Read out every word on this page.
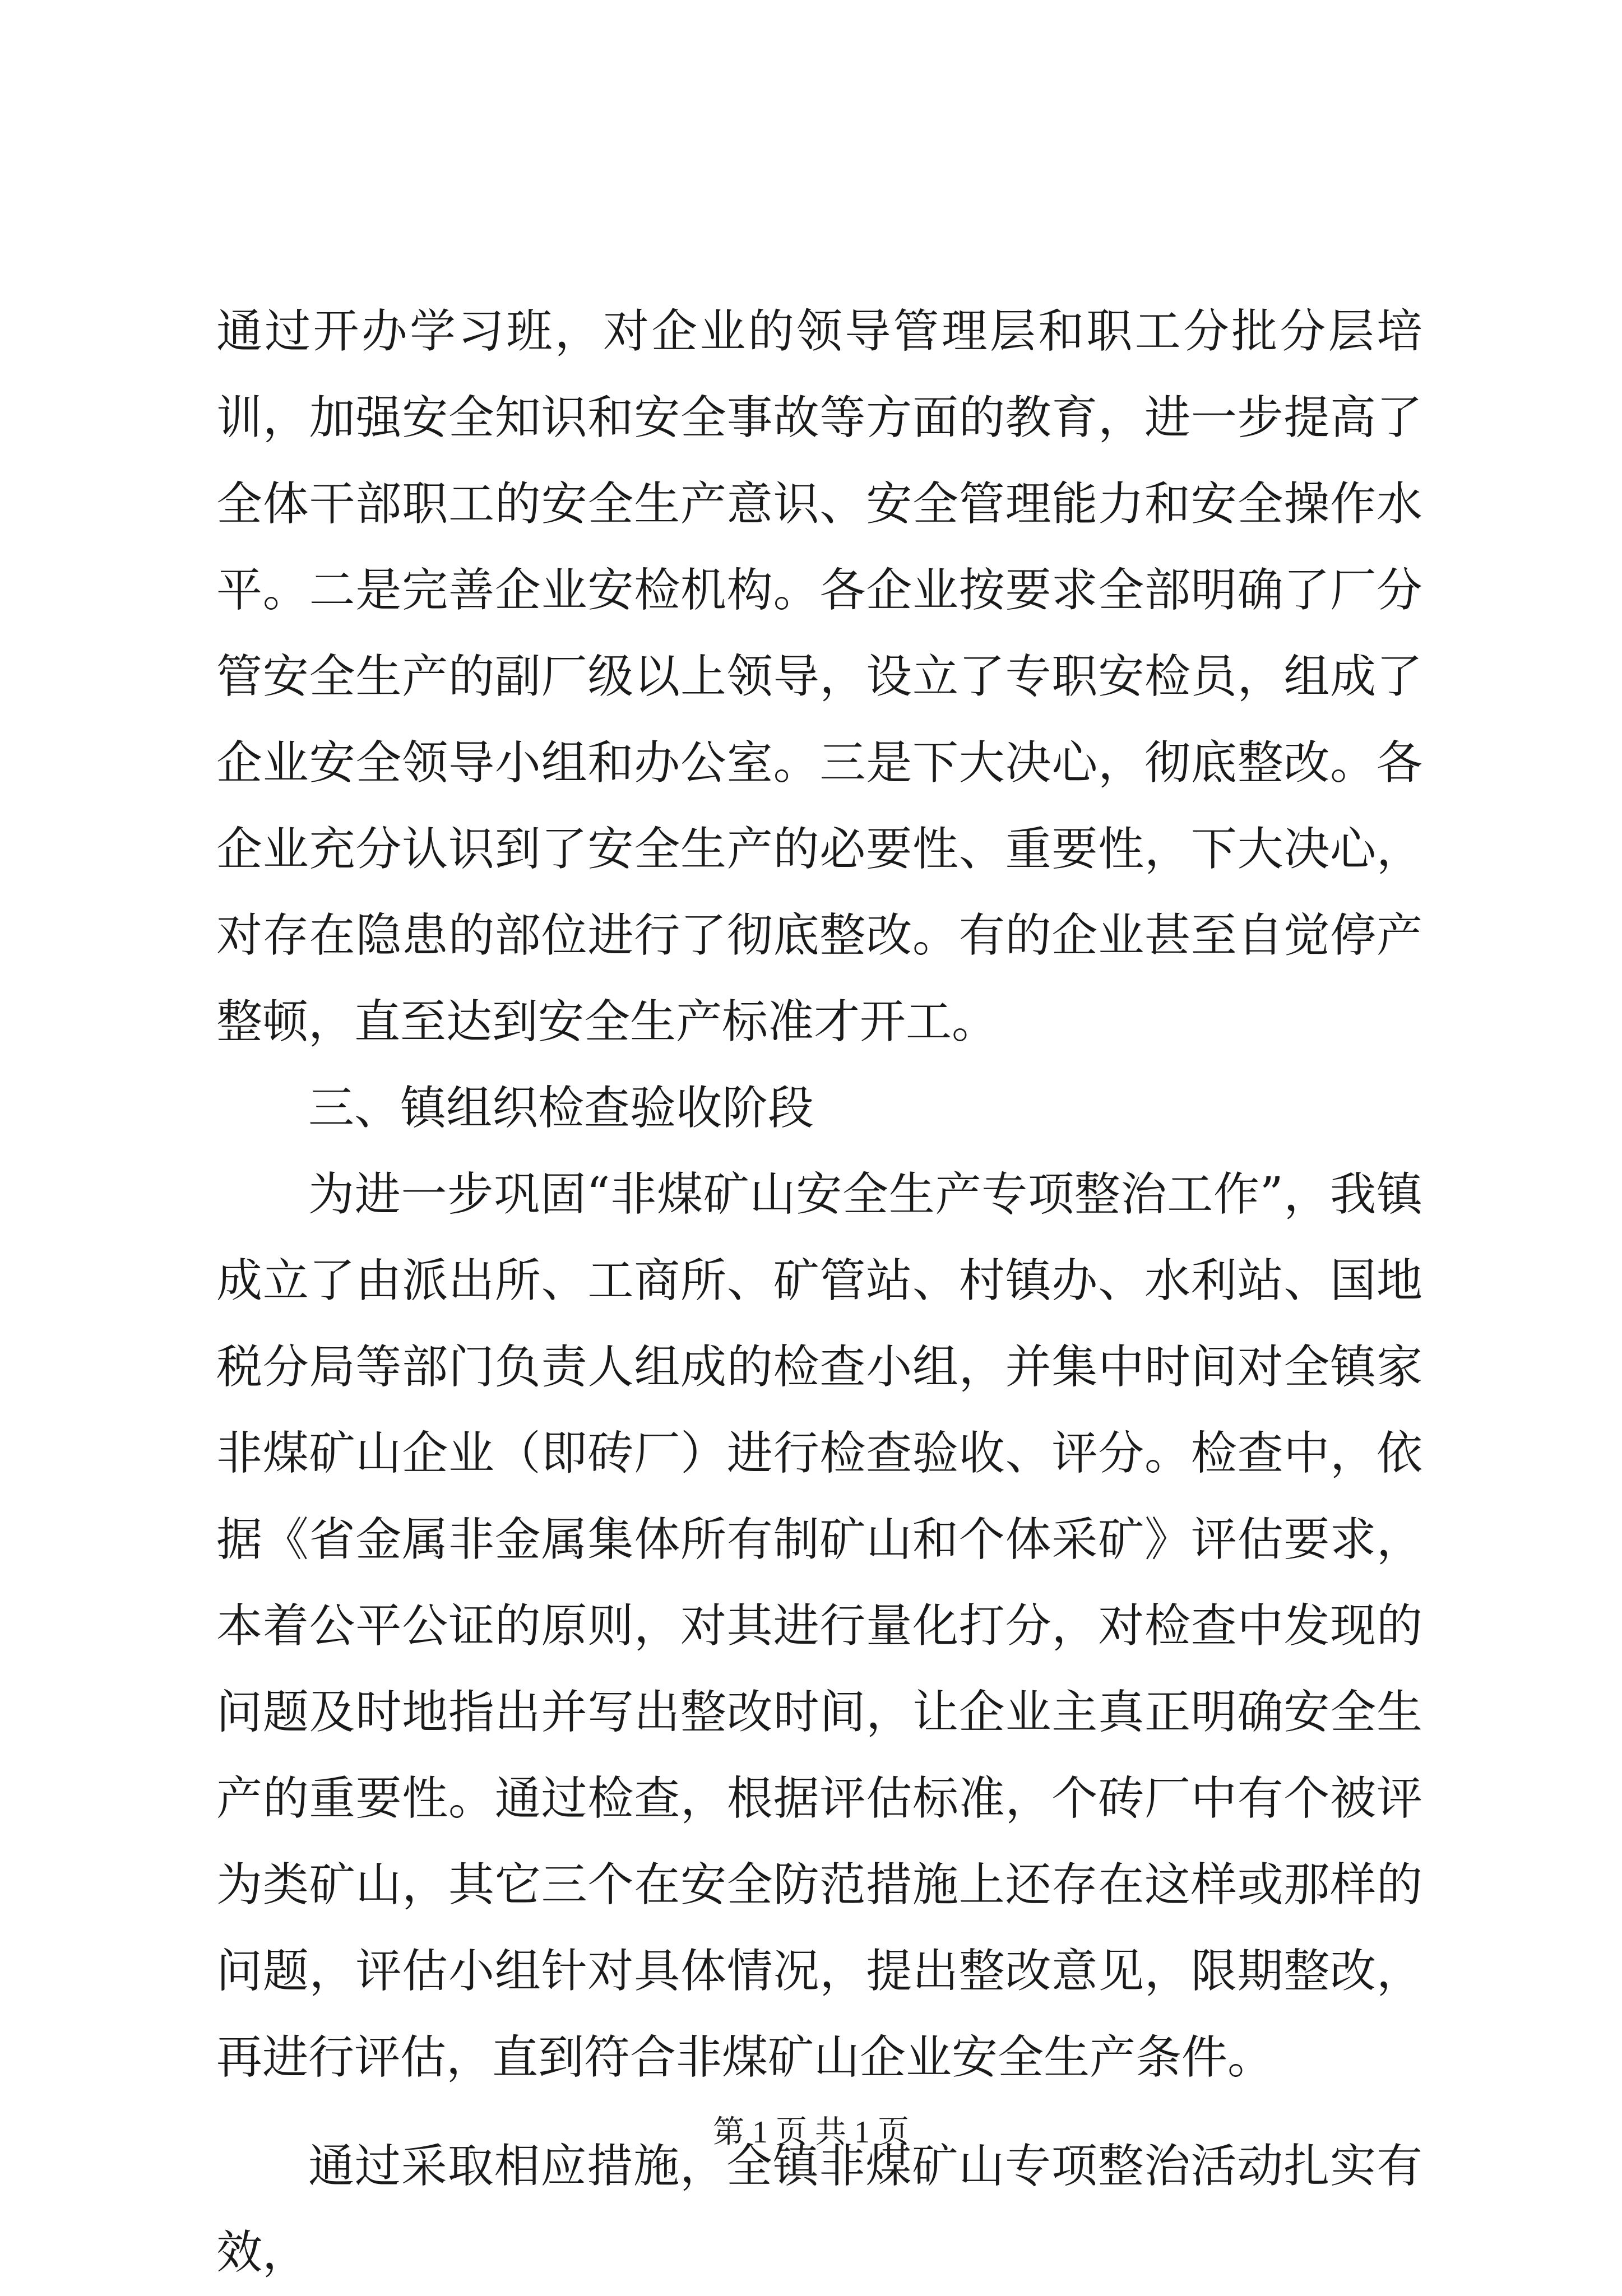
通过开办学习班，对企业的领导管理层和职工分批分层培训，加强安全知识和安全事故等方面的教育，进一步提高了全体干部职工的安全生产意识、安全管理能力和安全操作水平。二是完善企业安检机构。各企业按要求全部明确了厂分管安全生产的副厂级以上领导，设立了专职安检员，组成了企业安全领导小组和办公室。三是下大决心，彻底整改。各企业充分认识到了安全生产的必要性、重要性，下大决心，对存在隐患的部位进行了彻底整改。有的企业甚至自觉停产整顿，直至达到安全生产标准才开工。

三、镇组织检查验收阶段

为进一步巩固“非煤矿山安全生产专项整治工作”，我镇成立了由派出所、工商所、矿管站、村镇办、水利站、国地税分局等部门负责人组成的检查小组，并集中时间对全镇家非煤矿山企业（即砖厂）进行检查验收、评分。检查中，依据《省金属非金属集体所有制矿山和个体采矿》评估要求，本着公平公证的原则，对其进行量化打分，对检查中发现的问题及时地指出并写出整改时间，让企业主真正明确安全生产的重要性。通过检查，根据评估标准，个砖厂中有个被评为类矿山，其它三个在安全防范措施上还存在这样或那样的问题，评估小组针对具体情况，提出整改意见，限期整改，再进行评估，直到符合非煤矿山企业安全生产条件。

通过采取相应措施，全镇非煤矿山专项整治活动扎实有效，

第 1 页 共 1 页
